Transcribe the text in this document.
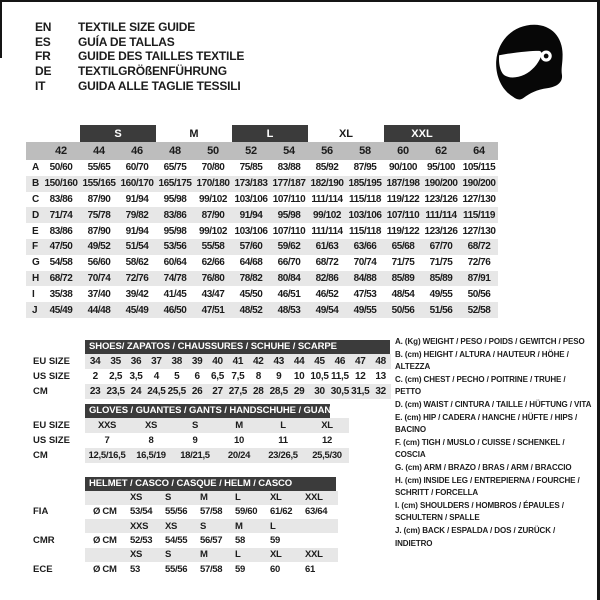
EN	TEXTILE SIZE GUIDE
ES	GUÍA DE TALLAS
FR	GUIDE DES TAILLES TEXTILE
DE	TEXTILGRÖßENFÜHRUNG
IT	GUIDA ALLE TAGLIE TESSILI
S	M	L	XL	XXL
42	44	46	48	50	52	54	56	58	60	62	64
A	50/60	55/65	60/70	65/75	70/80	75/85	83/88	85/92	87/95	90/100	95/100 105/115
B 150/160 155/165 160/170 165/175 170/180 173/183 177/187 182/190 185/195 187/198 190/200 190/200
C	83/86	87/90	91/94	95/98	99/102 103/106 107/110 111/114 115/118 119/122 123/126 127/130
D	71/74	75/78	79/82	83/86	87/90	91/94	95/98	99/102 103/106 107/110 111/114 115/119
E	83/86	87/90	91/94	95/98	99/102 103/106 107/110 111/114 115/118 119/122 123/126 127/130
F	47/50	49/52	51/54	53/56	55/58	57/60	59/62	61/63	63/66	65/68	67/70	68/72
G 54/58	56/60	58/62	60/64	62/66	64/68	66/70	68/72	70/74	71/75	71/75	72/76
H	68/72	70/74	72/76	74/78	76/80	78/82	80/84	82/86	84/88	85/89	85/89	87/91
I	35/38	37/40	39/42	41/45	43/47	45/50	46/51	46/52	47/53	48/54	49/55	50/56
J	45/49	44/48	45/49	46/50	47/51	48/52	48/53	49/54	49/55	50/56	51/56	52/58
SHOES/ ZAPATOS / CHAUSSURES / SCHUHE / SCARPE
EU SIZE	34 35 36 37 38 39 40 41 42 43 44 45 46 47 48
US SIZE	2	2,5 3,5	4	5	6	6,5 7,5	8	9	10 10,5 11,5 12 13
CM	23 23,5 24 24,5 25,5 26 27 27,5 28 28,5 29 30 30,5 31,5 32
GLOVES / GUANTES / GANTS / HANDSCHUHE / GUANTI
EU SIZE	XXS	XS	S	M	L	XL
US SIZE	7	8	9	10	11	12
CM	12,5/16,5	16,5/19	18/21,5	20/24	23/26,5	25,5/30
HELMET / CASCO / CASQUE / HELM / CASCO
XS	S	M	L	XL	XXL
FIA	Ø CM	53/54	55/56	57/58	59/60	61/62	63/64
XXS	XS	S	M	L
CMR	Ø CM	52/53	54/55	56/57	58	59
XS	S	M	L	XL	XXL
ECE	Ø CM	53	55/56	57/58	59	60	61
A. (Kg) WEIGHT / PESO / POIDS / GEWITCH / PESO
B. (cm) HEIGHT / ALTURA / HAUTEUR / HÖHE / ALTEZZA
C. (cm) CHEST / PECHO / POITRINE / TRUHE / PETTO
D. (cm) WAIST / CINTURA / TAILLE / HÜFTUNG / VITA
E. (cm) HIP / CADERA / HANCHE / HÜFTE / HIPS / BACINO
F. (cm) TIGH / MUSLO / CUISSE / SCHENKEL / COSCIA
G. (cm) ARM / BRAZO / BRAS / ARM / BRACCIO
H. (cm) INSIDE LEG / ENTREPIERNA / FOURCHE / SCHRITT / FORCELLA
I. (cm) SHOULDERS / HOMBROS / ÉPAULES / SCHULTERN / SPALLE
J. (cm) BACK / ESPALDA / DOS / ZURÜCK / INDIETRO
